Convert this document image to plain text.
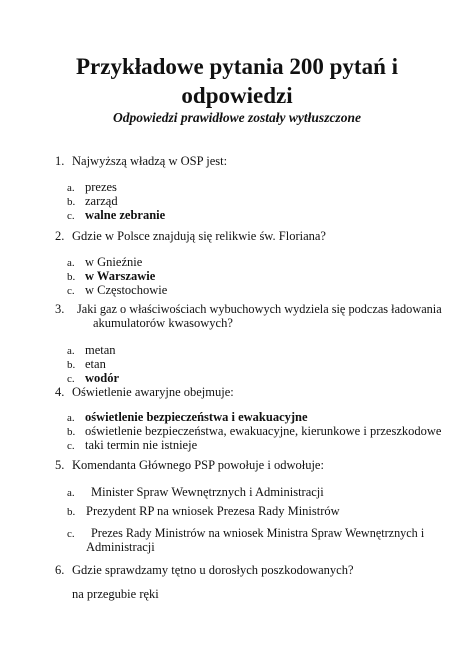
Przykładowe pytania 200 pytań i
odpowiedzi
Odpowiedzi prawidłowe zostały wytłuszczone
1. Najwyższą władzą w OSP jest:
a. prezes
b. zarząd
c. walne zebranie
2. Gdzie w Polsce znajdują się relikwie św. Floriana?
a. w Gnieźnie
b. w Warszawie
c. w Częstochowie
3. Jaki gaz o właściwościach wybuchowych wydziela się podczas ładowania
akumulatorów kwasowych?
a. metan
b. etan
c. wodór
4. Oświetlenie awaryjne obejmuje:
a. oświetlenie bezpieczeństwa i ewakuacyjne
b. oświetlenie bezpieczeństwa, ewakuacyjne, kierunkowe i przeszkodowe
c. taki termin nie istnieje
5. Komendanta Głównego PSP powołuje i odwołuje:
a. Minister Spraw Wewnętrznych i Administracji
b. Prezydent RP na wniosek Prezesa Rady Ministrów
c. Prezes Rady Ministrów na wniosek Ministra Spraw Wewnętrznych i
Administracji
6. Gdzie sprawdzamy tętno u dorosłych poszkodowanych?
na przegubie ręki
